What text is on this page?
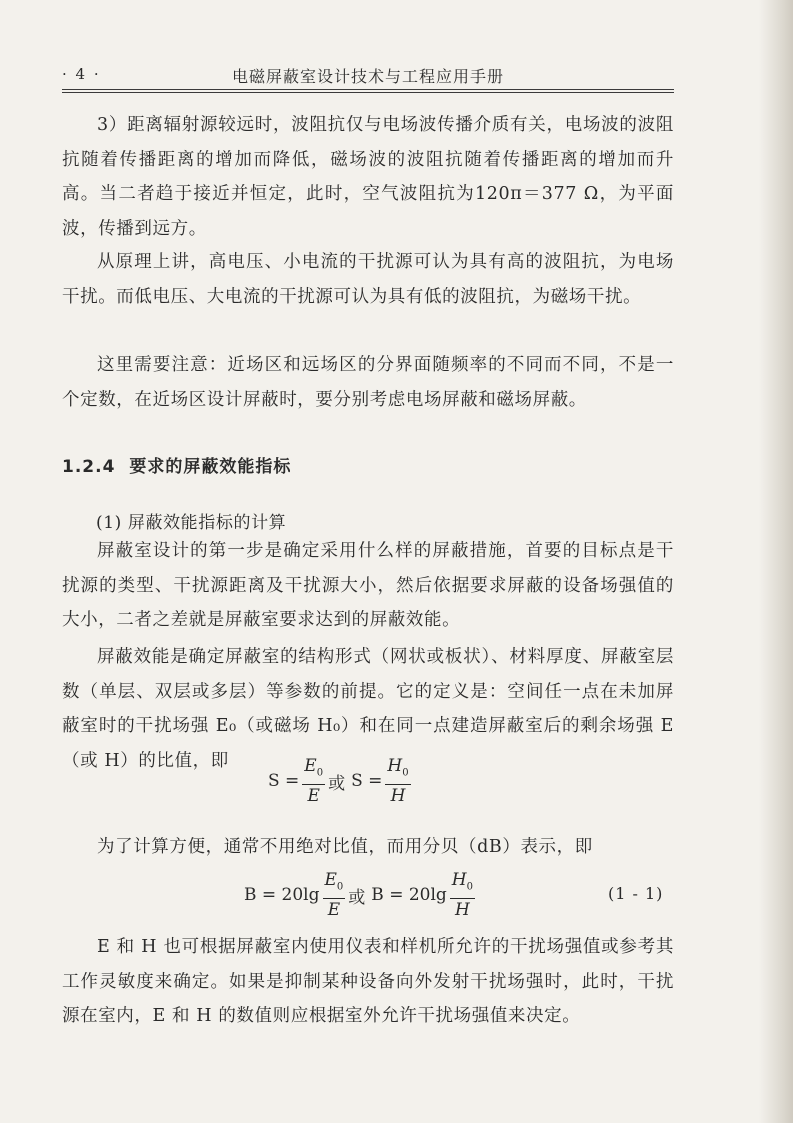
· 4 ·	电磁屏蔽室设计技术与工程应用手册

3）距离辐射源较远时，波阻抗仅与电场波传播介质有关，电场波的波阻抗随着传播距离的增加而降低，磁场波的波阻抗随着传播距离的增加而升高。当二者趋于接近并恒定，此时，空气波阻抗为120π＝377 Ω，为平面波，传播到远方。

从原理上讲，高电压、小电流的干扰源可认为具有高的波阻抗，为电场干扰。而低电压、大电流的干扰源可认为具有低的波阻抗，为磁场干扰。

这里需要注意：近场区和远场区的分界面随频率的不同而不同，不是一个定数，在近场区设计屏蔽时，要分别考虑电场屏蔽和磁场屏蔽。

1.2.4 要求的屏蔽效能指标

(1) 屏蔽效能指标的计算

屏蔽室设计的第一步是确定采用什么样的屏蔽措施，首要的目标点是干扰源的类型、干扰源距离及干扰源大小，然后依据要求屏蔽的设备场强值的大小，二者之差就是屏蔽室要求达到的屏蔽效能。

屏蔽效能是确定屏蔽室的结构形式（网状或板状）、材料厚度、屏蔽室层数（单层、双层或多层）等参数的前提。它的定义是：空间任一点在未加屏蔽室时的干扰场强 E₀（或磁场 H₀）和在同一点建造屏蔽室后的剩余场强 E（或 H）的比值，即

$S = \frac{E_0}{E}$ 或 $S = \frac{H_0}{H}$

为了计算方便，通常不用绝对比值，而用分贝（dB）表示，即

$B = 20\lg \frac{E_0}{E}$ 或 $B = 20\lg \frac{H_0}{H}$	(1 - 1)

E 和 H 也可根据屏蔽室内使用仪表和样机所允许的干扰场强值或参考其工作灵敏度来确定。如果是抑制某种设备向外发射干扰场强时，此时，干扰源在室内，E 和 H 的数值则应根据室外允许干扰场强值来决定。
